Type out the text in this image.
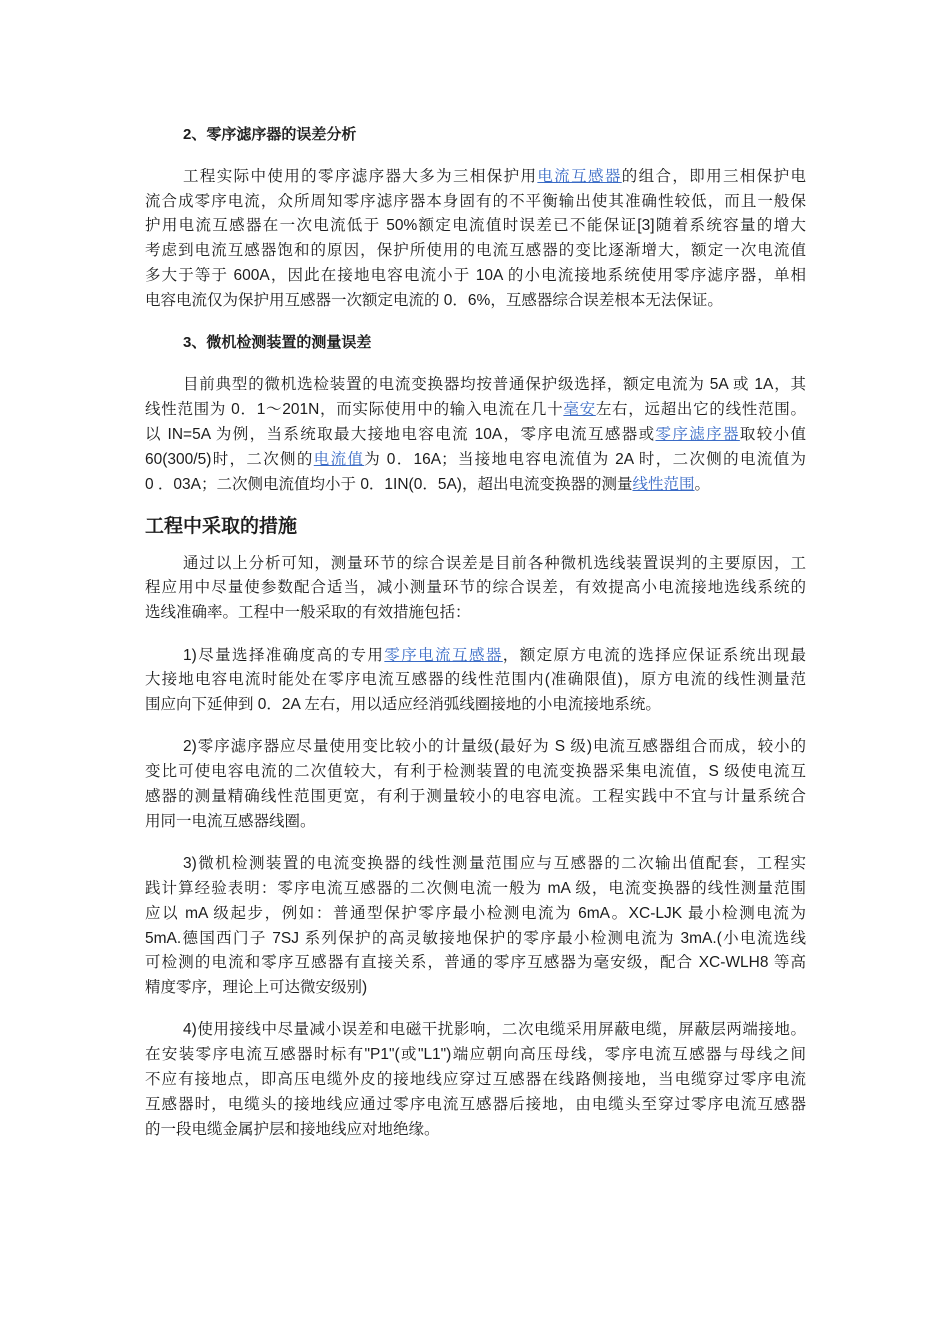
2、零序滤序器的误差分析
工程实际中使用的零序滤序器大多为三相保护用电流互感器的组合，即用三相保护电
流合成零序电流，众所周知零序滤序器本身固有的不平衡输出使其准确性较低，而且一般保
护用电流互感器在一次电流低于 50%额定电流值时误差已不能保证[3]随着系统容量的增大
考虑到电流互感器饱和的原因，保护所使用的电流互感器的变比逐渐增大，额定一次电流值
多大于等于 600A，因此在接地电容电流小于 10A 的小电流接地系统使用零序滤序器，单相
电容电流仅为保护用互感器一次额定电流的 0．6%，互感器综合误差根本无法保证。
3、微机检测装置的测量误差
目前典型的微机选检装置的电流变换器均按普通保护级选择，额定电流为 5A 或 1A，其
线性范围为 0．1～201N，而实际使用中的输入电流在几十毫安左右，远超出它的线性范围。
以 IN=5A 为例，当系统取最大接地电容电流 10A，零序电流互感器或零序滤序器取较小值
60(300/5)时，二次侧的电流值为 0．16A；当接地电容电流值为 2A 时，二次侧的电流值为
0 ．03A；二次侧电流值均小于 0．1IN(0．5A)，超出电流变换器的测量线性范围。
工程中采取的措施
通过以上分析可知，测量环节的综合误差是目前各种微机选线装置误判的主要原因，工
程应用中尽量使参数配合适当，减小测量环节的综合误差，有效提高小电流接地选线系统的
选线准确率。工程中一般采取的有效措施包括：
1)尽量选择准确度高的专用零序电流互感器，额定原方电流的选择应保证系统出现最
大接地电容电流时能处在零序电流互感器的线性范围内(准确限值)，原方电流的线性测量范
围应向下延伸到 0．2A 左右，用以适应经消弧线圈接地的小电流接地系统。
2)零序滤序器应尽量使用变比较小的计量级(最好为 S 级)电流互感器组合而成，较小的
变比可使电容电流的二次值较大，有利于检测装置的电流变换器采集电流值，S 级使电流互
感器的测量精确线性范围更宽，有利于测量较小的电容电流。工程实践中不宜与计量系统合
用同一电流互感器线圈。
3)微机检测装置的电流变换器的线性测量范围应与互感器的二次输出值配套，工程实
践计算经验表明：零序电流互感器的二次侧电流一般为 mA 级，电流变换器的线性测量范围
应以 mA 级起步，例如：普通型保护零序最小检测电流为 6mA。XC-LJK 最小检测电流为
5mA.德国西门子 7SJ 系列保护的高灵敏接地保护的零序最小检测电流为 3mA.(小电流选线
可检测的电流和零序互感器有直接关系，普通的零序互感器为毫安级，配合 XC-WLH8 等高
精度零序，理论上可达微安级别)
4)使用接线中尽量减小误差和电磁干扰影响，二次电缆采用屏蔽电缆，屏蔽层两端接地。
在安装零序电流互感器时标有"P1"(或"L1")端应朝向高压母线，零序电流互感器与母线之间
不应有接地点，即高压电缆外皮的接地线应穿过互感器在线路侧接地，当电缆穿过零序电流
互感器时，电缆头的接地线应通过零序电流互感器后接地，由电缆头至穿过零序电流互感器
的一段电缆金属护层和接地线应对地绝缘。
